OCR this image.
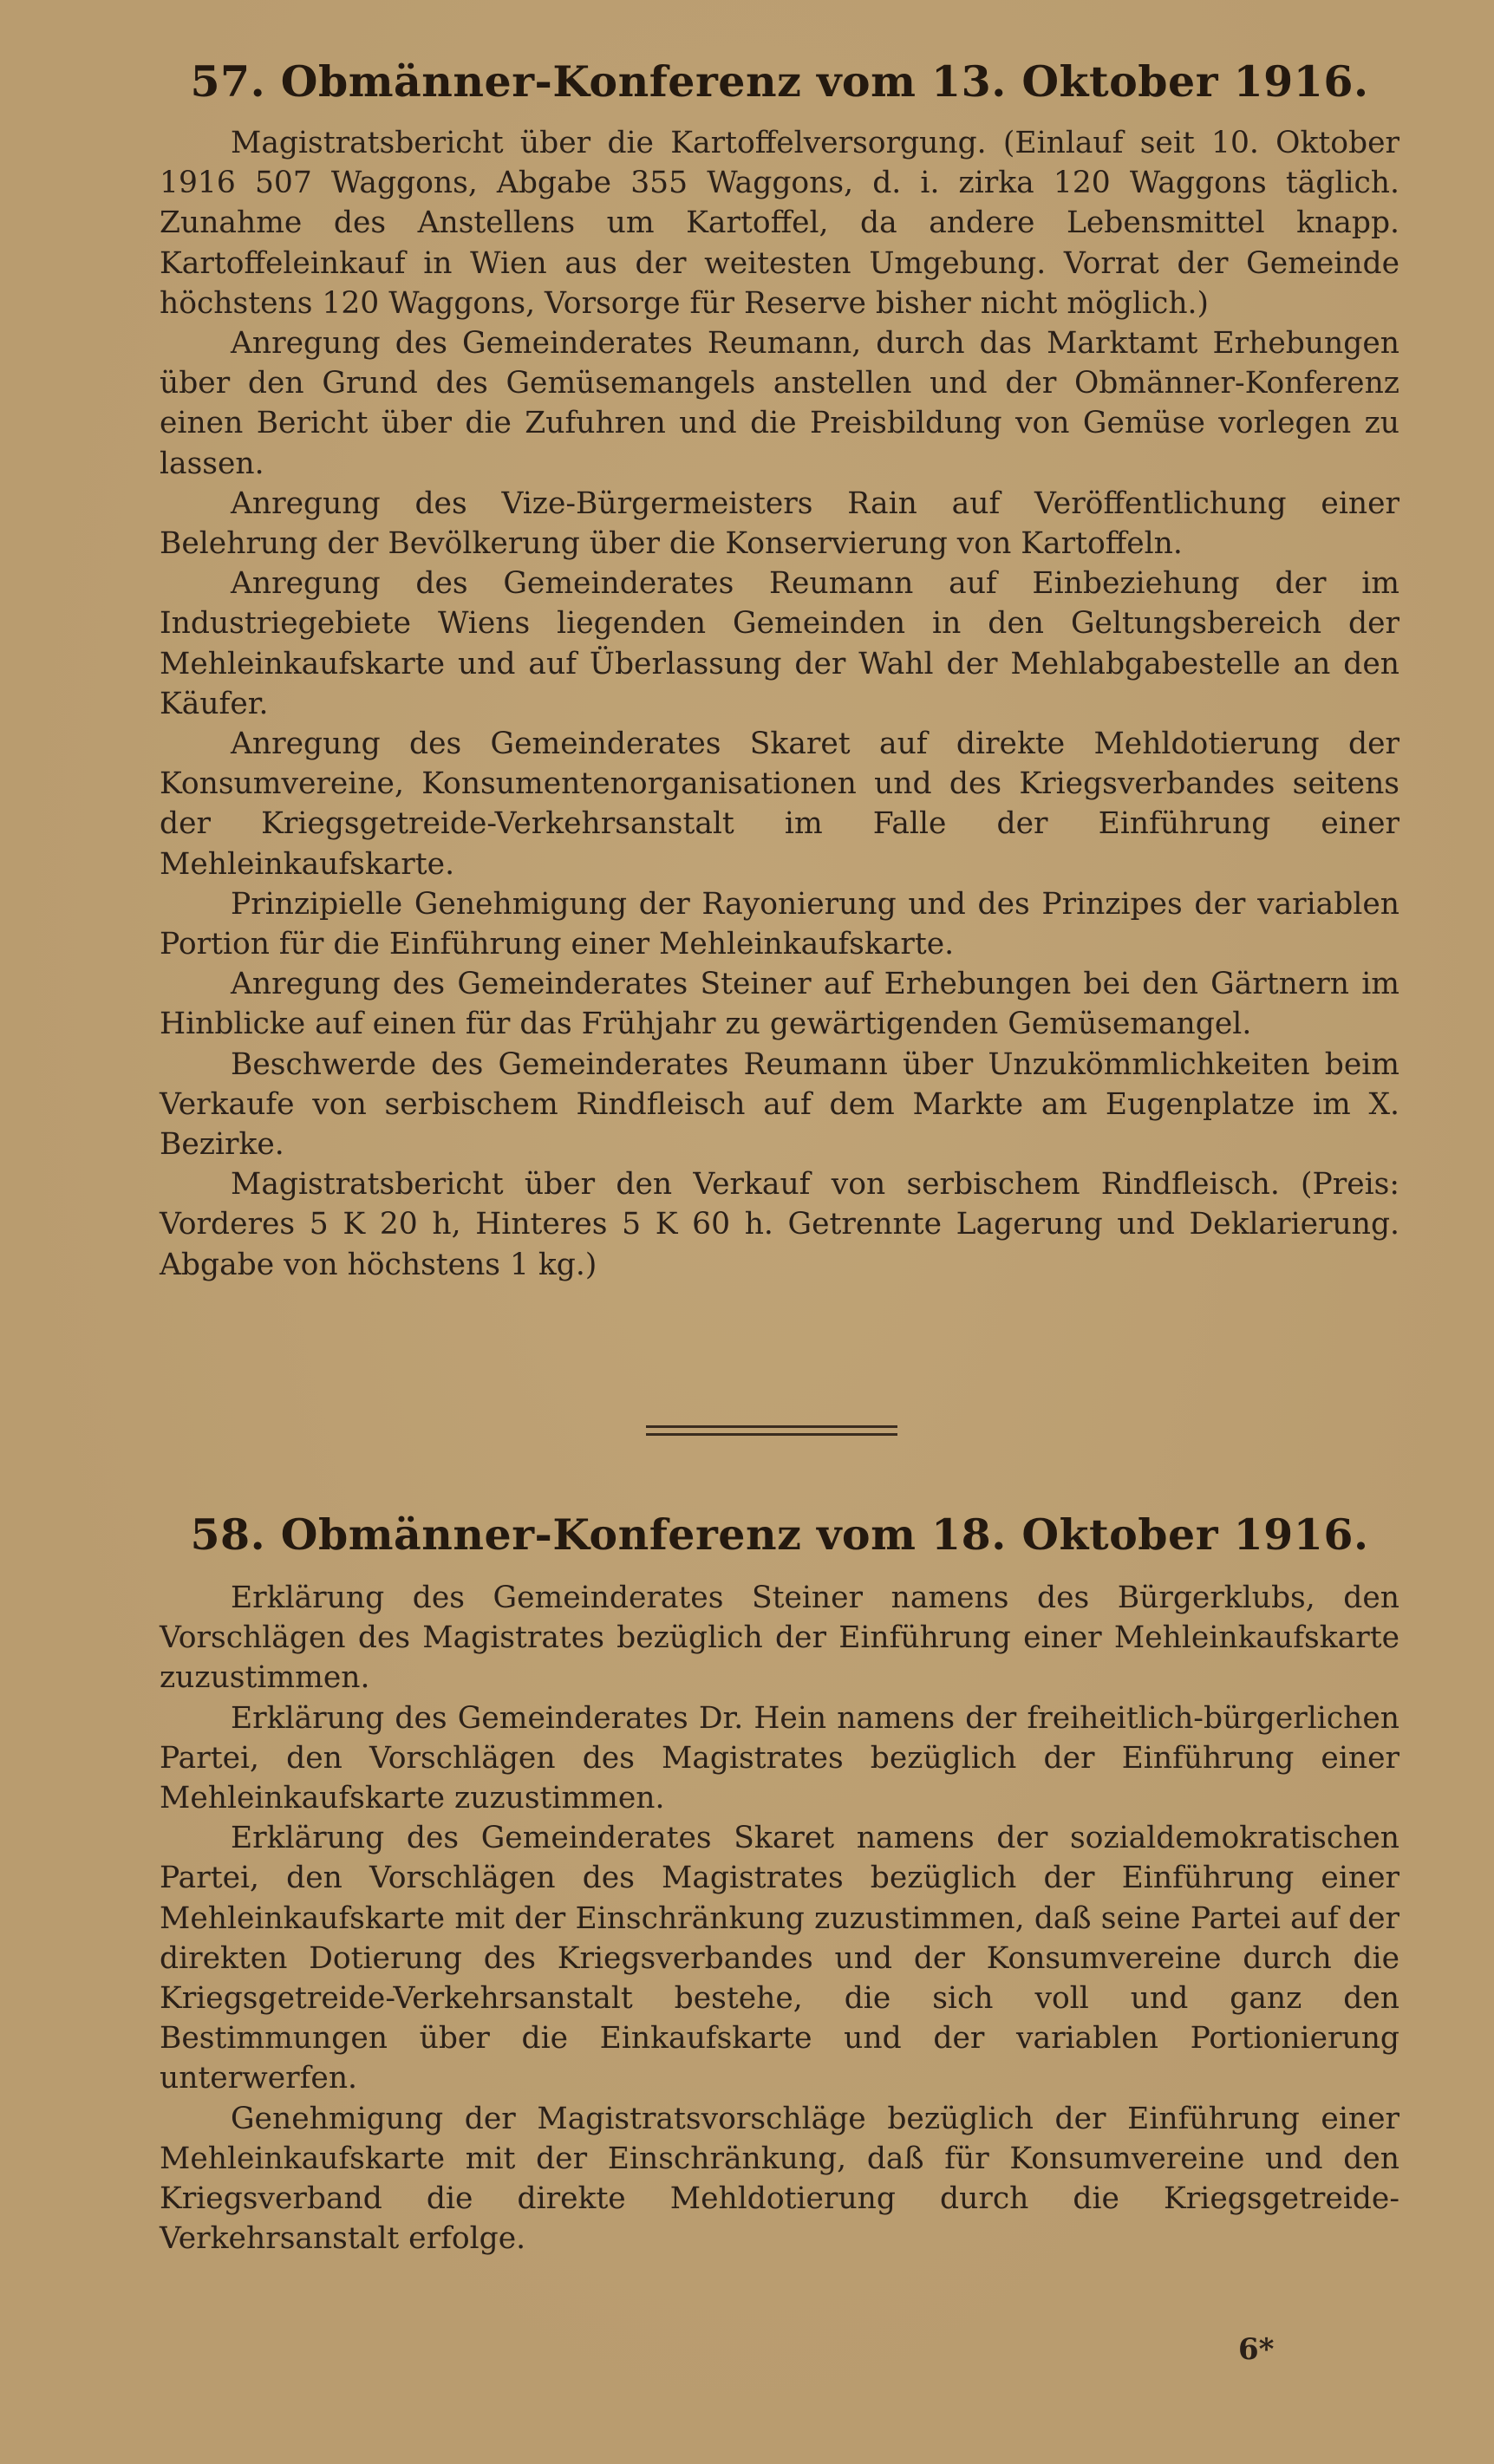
57. Obmänner-Konferenz vom 13. Oktober 1916.

Magistratsbericht über die Kartoffelversorgung. (Einlauf seit 10. Oktober 1916 507 Waggons, Abgabe 355 Waggons, d. i. zirka 120 Waggons täglich. Zunahme des Anstellens um Kartoffel, da andere Lebensmittel knapp. Kartoffeleinkauf in Wien aus der weitesten Umgebung. Vorrat der Gemeinde höchstens 120 Waggons, Vorsorge für Reserve bisher nicht möglich.)

Anregung des Gemeinderates Reumann, durch das Marktamt Erhebungen über den Grund des Gemüsemangels anstellen und der Obmänner-Konferenz einen Bericht über die Zufuhren und die Preisbildung von Gemüse vorlegen zu lassen.

Anregung des Vize-Bürgermeisters Rain auf Veröffentlichung einer Belehrung der Bevölkerung über die Konservierung von Kartoffeln.

Anregung des Gemeinderates Reumann auf Einbeziehung der im Industriegebiete Wiens liegenden Gemeinden in den Geltungsbereich der Mehleinkaufskarte und auf Überlassung der Wahl der Mehlabgabestelle an den Käufer.

Anregung des Gemeinderates Skaret auf direkte Mehldotierung der Konsumvereine, Konsumentenorganisationen und des Kriegsverbandes seitens der Kriegsgetreide-Verkehrsanstalt im Falle der Einführung einer Mehleinkaufskarte.

Prinzipielle Genehmigung der Rayonierung und des Prinzipes der variablen Portion für die Einführung einer Mehleinkaufskarte.

Anregung des Gemeinderates Steiner auf Erhebungen bei den Gärtnern im Hinblicke auf einen für das Frühjahr zu gewärtigenden Gemüsemangel.

Beschwerde des Gemeinderates Reumann über Unzukömmlichkeiten beim Verkaufe von serbischem Rindfleisch auf dem Markte am Eugenplatze im X. Bezirke.

Magistratsbericht über den Verkauf von serbischem Rindfleisch. (Preis: Vorderes 5 K 20 h, Hinteres 5 K 60 h. Getrennte Lagerung und Deklarierung. Abgabe von höchstens 1 kg.)

58. Obmänner-Konferenz vom 18. Oktober 1916.

Erklärung des Gemeinderates Steiner namens des Bürgerklubs, den Vorschlägen des Magistrates bezüglich der Einführung einer Mehleinkaufskarte zuzustimmen.

Erklärung des Gemeinderates Dr. Hein namens der freiheitlich-bürgerlichen Partei, den Vorschlägen des Magistrates bezüglich der Einführung einer Mehleinkaufskarte zuzustimmen.

Erklärung des Gemeinderates Skaret namens der sozialdemokratischen Partei, den Vorschlägen des Magistrates bezüglich der Einführung einer Mehleinkaufskarte mit der Einschränkung zuzustimmen, daß seine Partei auf der direkten Dotierung des Kriegsverbandes und der Konsumvereine durch die Kriegsgetreide-Verkehrsanstalt bestehe, die sich voll und ganz den Bestimmungen über die Einkaufskarte und der variablen Portionierung unterwerfen.

Genehmigung der Magistratsvorschläge bezüglich der Einführung einer Mehleinkaufskarte mit der Einschränkung, daß für Konsumvereine und den Kriegsverband die direkte Mehldotierung durch die Kriegsgetreide-Verkehrsanstalt erfolge.

6*
